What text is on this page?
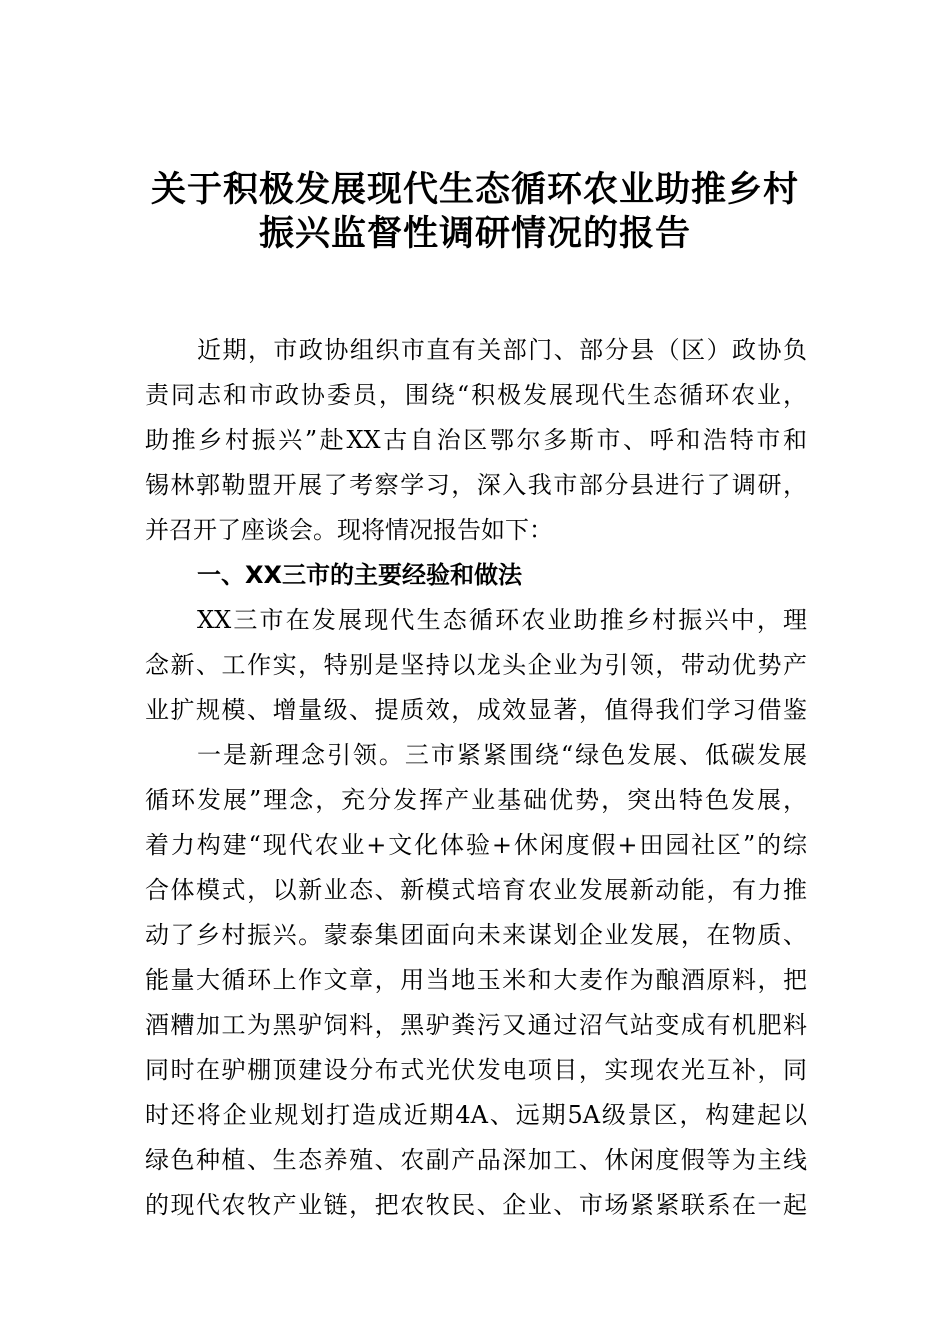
关于积极发展现代生态循环农业助推乡村
振兴监督性调研情况的报告
近期，市政协组织市直有关部门、部分县（区）政协负
责同志和市政协委员，围绕“积极发展现代生态循环农业，
助推乡村振兴”赴XX古自治区鄂尔多斯市、呼和浩特市和
锡林郭勒盟开展了考察学习，深入我市部分县进行了调研，
并召开了座谈会。现将情况报告如下：
一、XX三市的主要经验和做法
XX三市在发展现代生态循环农业助推乡村振兴中，理
念新、工作实，特别是坚持以龙头企业为引领，带动优势产
业扩规模、增量级、提质效，成效显著，值得我们学习借鉴
一是新理念引领。三市紧紧围绕“绿色发展、低碳发展
循环发展”理念，充分发挥产业基础优势，突出特色发展，
着力构建“现代农业+文化体验+休闲度假+田园社区”的综
合体模式，以新业态、新模式培育农业发展新动能，有力推
动了乡村振兴。蒙泰集团面向未来谋划企业发展，在物质、
能量大循环上作文章，用当地玉米和大麦作为酿酒原料，把
酒糟加工为黑驴饲料，黑驴粪污又通过沼气站变成有机肥料
同时在驴棚顶建设分布式光伏发电项目，实现农光互补，同
时还将企业规划打造成近期4A、远期5A级景区，构建起以
绿色种植、生态养殖、农副产品深加工、休闲度假等为主线
的现代农牧产业链，把农牧民、企业、市场紧紧联系在一起
